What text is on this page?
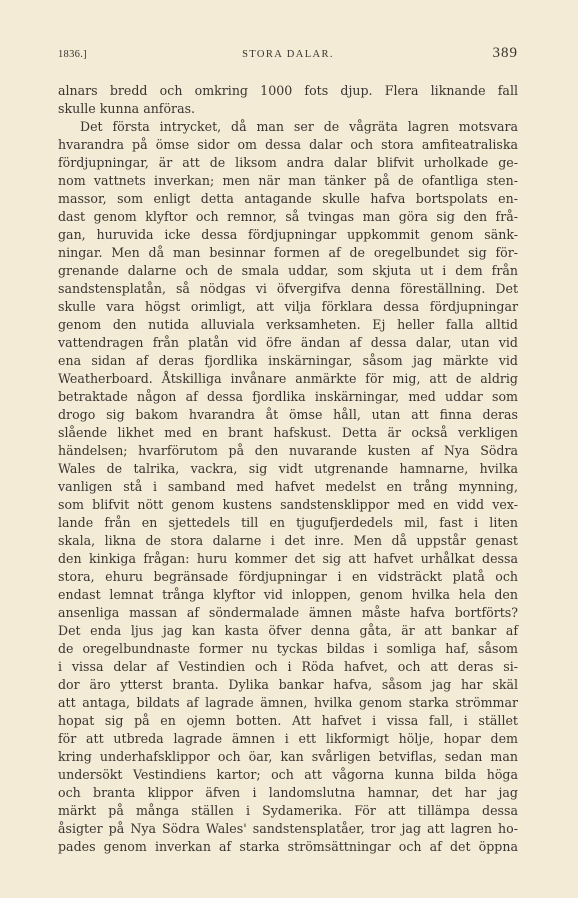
1836.]	STORA DALAR.	389
alnars bredd och omkring 1000 fots djup. Flera liknande fall
skulle kunna anföras.
Det första intrycket, då man ser de vågräta lagren motsvara
hvarandra på ömse sidor om dessa dalar och stora amfiteatraliska
fördjupningar, är att de liksom andra dalar blifvit urholkade ge-
nom vattnets inverkan; men när man tänker på de ofantliga sten-
massor, som enligt detta antagande skulle hafva bortspolats en-
dast genom klyftor och remnor, så tvingas man göra sig den frå-
gan, huruvida icke dessa fördjupningar uppkommit genom sänk-
ningar. Men då man besinnar formen af de oregelbundet sig för-
grenande dalarne och de smala uddar, som skjuta ut i dem från
sandstensplatån, så nödgas vi öfvergifva denna föreställning. Det
skulle vara högst orimligt, att vilja förklara dessa fördjupningar
genom den nutida alluviala verksamheten. Ej heller falla alltid
vattendragen från platån vid öfre ändan af dessa dalar, utan vid
ena sidan af deras fjordlika inskärningar, såsom jag märkte vid
Weatherboard. Åtskilliga invånare anmärkte för mig, att de aldrig
betraktade någon af dessa fjordlika inskärningar, med uddar som
drogo sig bakom hvarandra åt ömse håll, utan att finna deras
slående likhet med en brant hafskust. Detta är också verkligen
händelsen; hvarförutom på den nuvarande kusten af Nya Södra
Wales de talrika, vackra, sig vidt utgrenande hamnarne, hvilka
vanligen stå i samband med hafvet medelst en trång mynning,
som blifvit nött genom kustens sandstensklippor med en vidd vex-
lande från en sjettedels till en tjugufjerdedels mil, fast i liten
skala, likna de stora dalarne i det inre. Men då uppstår genast
den kinkiga frågan: huru kommer det sig att hafvet urhålkat dessa
stora, ehuru begränsade fördjupningar i en vidsträckt platå och
endast lemnat trånga klyftor vid inloppen, genom hvilka hela den
ansenliga massan af söndermalade ämnen måste hafva bortförts?
Det enda ljus jag kan kasta öfver denna gåta, är att bankar af
de oregelbundnaste former nu tyckas bildas i somliga haf, såsom
i vissa delar af Vestindien och i Röda hafvet, och att deras si-
dor äro ytterst branta. Dylika bankar hafva, såsom jag har skäl
att antaga, bildats af lagrade ämnen, hvilka genom starka strömmar
hopat sig på en ojemn botten. Att hafvet i vissa fall, i stället
för att utbreda lagrade ämnen i ett likformigt hölje, hopar dem
kring underhafsklippor och öar, kan svårligen betviflas, sedan man
undersökt Vestindiens kartor; och att vågorna kunna bilda höga
och branta klippor äfven i landomslutna hamnar, det har jag
märkt på många ställen i Sydamerika. För att tillämpa dessa
åsigter på Nya Södra Wales' sandstensplatåer, tror jag att lagren ho-
pades genom inverkan af starka strömsättningar och af det öppna
